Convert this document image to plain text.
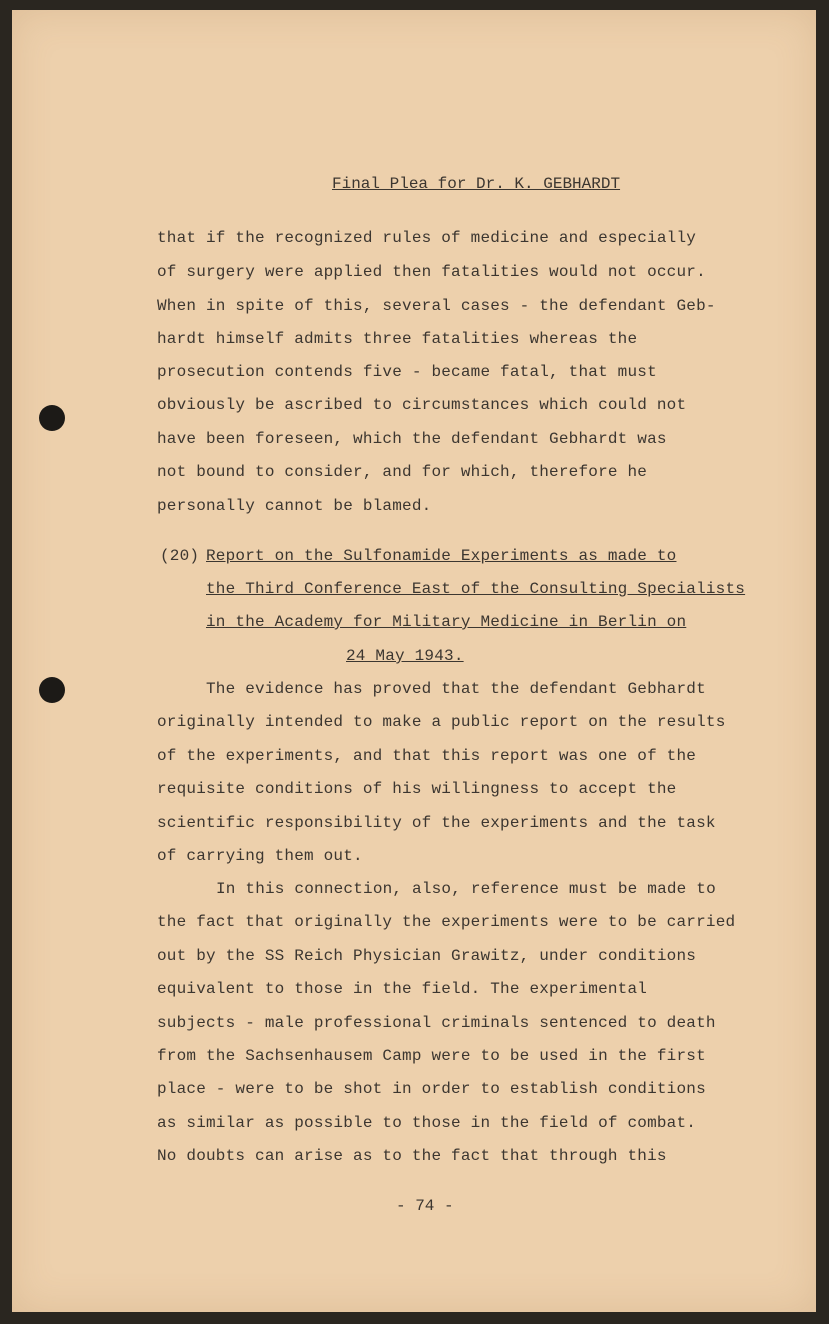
Final Plea for Dr. K. GEBHARDT
that if the recognized rules of medicine and especially
of surgery were applied then fatalities would not occur.
When in spite of this, several cases - the defendant Geb-
hardt himself admits three fatalities whereas the
prosecution contends five - became fatal, that must
obviously be ascribed to circumstances which could not
have been foreseen, which the defendant Gebhardt was
not bound to consider, and for which, therefore he
personally cannot be blamed.
(20) Report on the Sulfonamide Experiments as made to
the Third Conference East of the Consulting Specialists
in the Academy for Military Medicine in Berlin on
24 May 1943.
The evidence has proved that the defendant Gebhardt
originally intended to make a public report on the results
of the experiments, and that this report was one of the
requisite conditions of his willingness to accept the
scientific responsibility of the experiments and the task
of carrying them out.
In this connection, also, reference must be made to
the fact that originally the experiments were to be carried
out by the SS Reich Physician Grawitz, under conditions
equivalent to those in the field. The experimental
subjects - male professional criminals sentenced to death
from the Sachsenhausem Camp were to be used in the first
place - were to be shot in order to establish conditions
as similar as possible to those in the field of combat.
No doubts can arise as to the fact that through this
- 74 -
